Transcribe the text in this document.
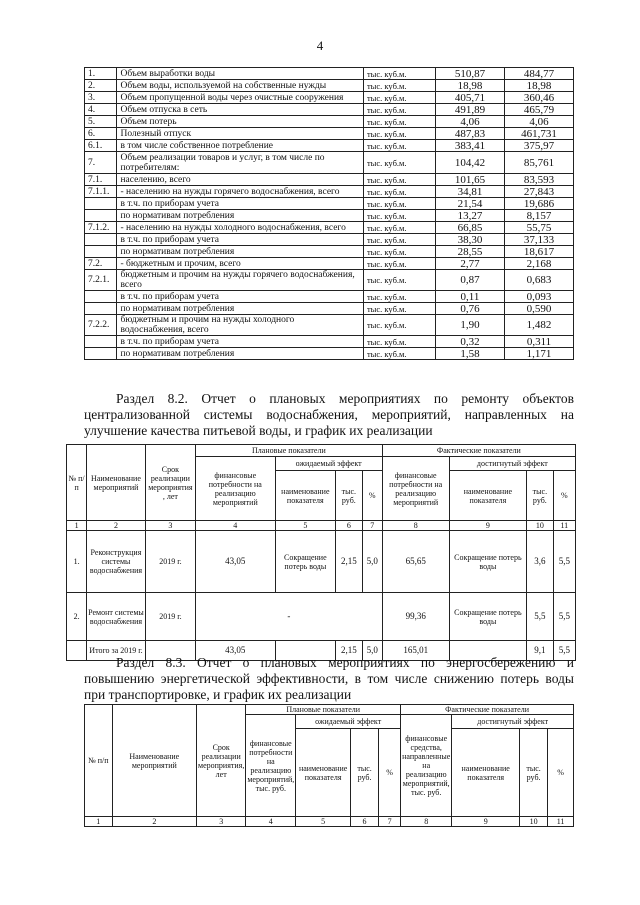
4
1.	Объем выработки воды	тыс. куб.м.	510,87	484,77
2.	Объем воды, используемой на собственные нужды	тыс. куб.м.	18,98	18,98
3.	Объем пропущенной воды через очистные сооружения	тыс. куб.м.	405,71	360,46
4.	Объем отпуска в сеть	тыс. куб.м.	491,89	465,79
5.	Объем потерь	тыс. куб.м.	4,06	4,06
6.	Полезный отпуск	тыс. куб.м.	487,83	461,731
6.1.	в том числе собственное потребление	тыс. куб.м.	383,41	375,97
7.	Объем реализации товаров и услуг, в том числе по потребителям:	тыс. куб.м.	104,42	85,761
7.1.	населению, всего	тыс. куб.м.	101,65	83,593
7.1.1.	- населению на нужды горячего водоснабжения, всего	тыс. куб.м.	34,81	27,843
	в т.ч. по приборам учета	тыс. куб.м.	21,54	19,686
	по нормативам потребления	тыс. куб.м.	13,27	8,157
7.1.2.	- населению на нужды холодного водоснабжения, всего	тыс. куб.м.	66,85	55,75
	в т.ч. по приборам учета	тыс. куб.м.	38,30	37,133
	по нормативам потребления	тыс. куб.м.	28,55	18,617
7.2.	- бюджетным и прочим, всего	тыс. куб.м.	2,77	2,168
7.2.1.	бюджетным и прочим на нужды горячего водоснабжения, всего	тыс. куб.м.	0,87	0,683
	в т.ч. по приборам учета	тыс. куб.м.	0,11	0,093
	по нормативам потребления	тыс. куб.м.	0,76	0,590
7.2.2.	бюджетным и прочим на нужды холодного водоснабжения, всего	тыс. куб.м.	1,90	1,482
	в т.ч. по приборам учета	тыс. куб.м.	0,32	0,311
	по нормативам потребления	тыс. куб.м.	1,58	1,171
Раздел 8.2. Отчет о плановых мероприятиях по ремонту объектов централизованной системы водоснабжения, мероприятий, направленных на улучшение качества питьевой воды, и график их реализации
№ п/ п	Наименование мероприятий	Срок реализации мероприятия , лет	Плановые показатели				Фактические показатели			
			финансовые потребности на реализацию мероприятий	ожидаемый эффект			финансовые потребности на реализацию мероприятий	достигнутый эффект		
				наименование показателя	тыс. руб.	%		наименование показателя	тыс. руб.	%
1	2	3	4	5	6	7	8	9	10	11
1.	Реконструкция системы водоснабжения	2019 г.	43,05	Сокращение потерь воды	2,15	5,0	65,65	Сокращение потерь воды	3,6	5,5
2.	Ремонт системы водоснабжения	2019 г.	-				99,36	Сокращение потерь воды	5,5	5,5
	Итого за 2019 г.		43,05		2,15	5,0	165,01		9,1	5,5
Раздел 8.3. Отчет о плановых мероприятиях по энергосбережению и повышению энергетической эффективности, в том числе снижению потерь воды при транспортировке, и график их реализации
№ п/п	Наименование мероприятий	Срок реализации мероприятия, лет	Плановые показатели				Фактические показатели			
			финансовые потребности на реализацию мероприятий, тыс. руб.	ожидаемый эффект			финансовые средства, направленные на реализацию мероприятий, тыс. руб.	достигнутый эффект		
				наименование показателя	тыс. руб.	%		наименование показателя	тыс. руб.	%
1	2	3	4	5	6	7	8	9	10	11
